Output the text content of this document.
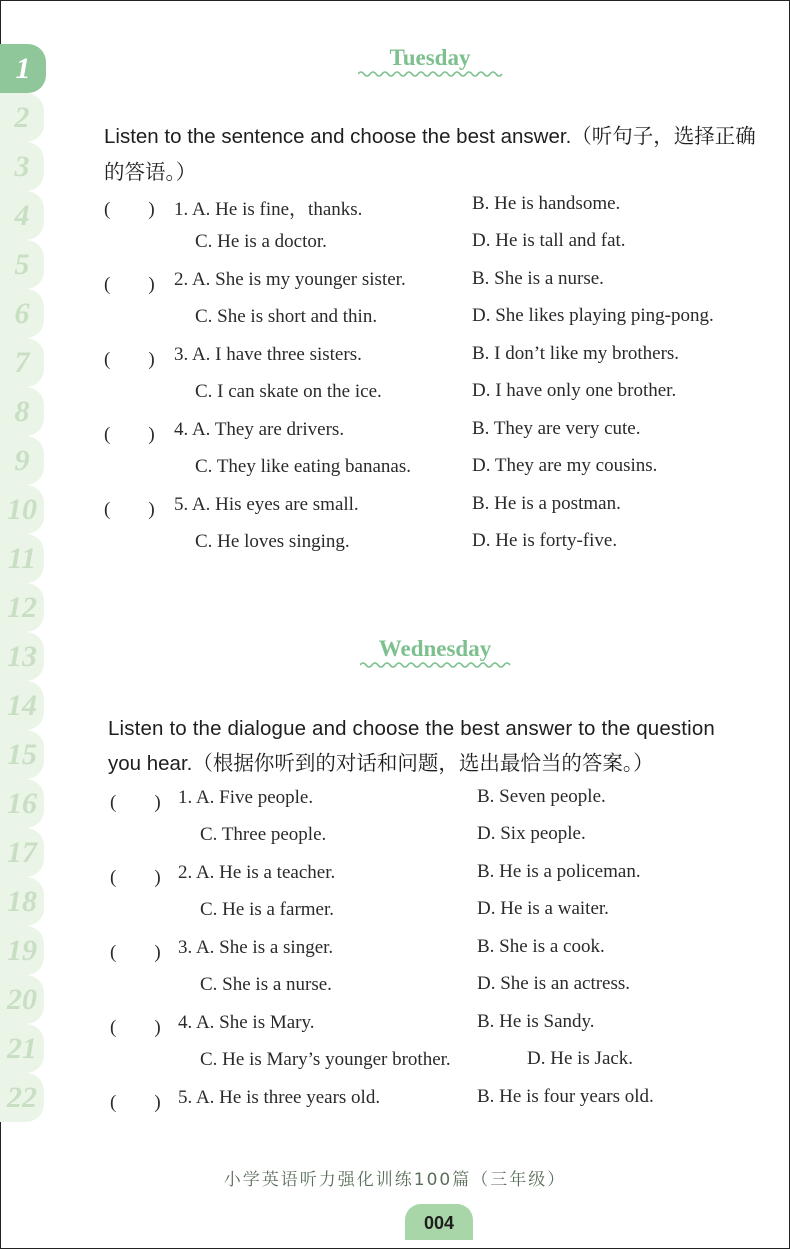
1
2
3
4
5
6
7
8
9
10
11
12
13
14
15
16
17
18
19
20
21
22
Tuesday
Listen to the sentence and choose the best answer.（听句子，选择正确
的答语。）
(　　) 1. A. He is fine，thanks.	B. He is handsome.
C. He is a doctor.	D. He is tall and fat.
(　　) 2. A. She is my younger sister.	B. She is a nurse.
C. She is short and thin.	D. She likes playing ping-pong.
(　　) 3. A. I have three sisters.	B. I don’t like my brothers.
C. I can skate on the ice.	D. I have only one brother.
(　　) 4. A. They are drivers.	B. They are very cute.
C. They like eating bananas.	D. They are my cousins.
(　　) 5. A. His eyes are small.	B. He is a postman.
C. He loves singing.	D. He is forty-five.
Wednesday
Listen to the dialogue and choose the best answer to the question
you hear.（根据你听到的对话和问题，选出最恰当的答案。）
(　　) 1. A. Five people.	B. Seven people.
C. Three people.	D. Six people.
(　　) 2. A. He is a teacher.	B. He is a policeman.
C. He is a farmer.	D. He is a waiter.
(　　) 3. A. She is a singer.	B. She is a cook.
C. She is a nurse.	D. She is an actress.
(　　) 4. A. She is Mary.	B. He is Sandy.
C. He is Mary’s younger brother.	D. He is Jack.
(　　) 5. A. He is three years old.	B. He is four years old.
小学英语听力强化训练100篇（三年级）
004
